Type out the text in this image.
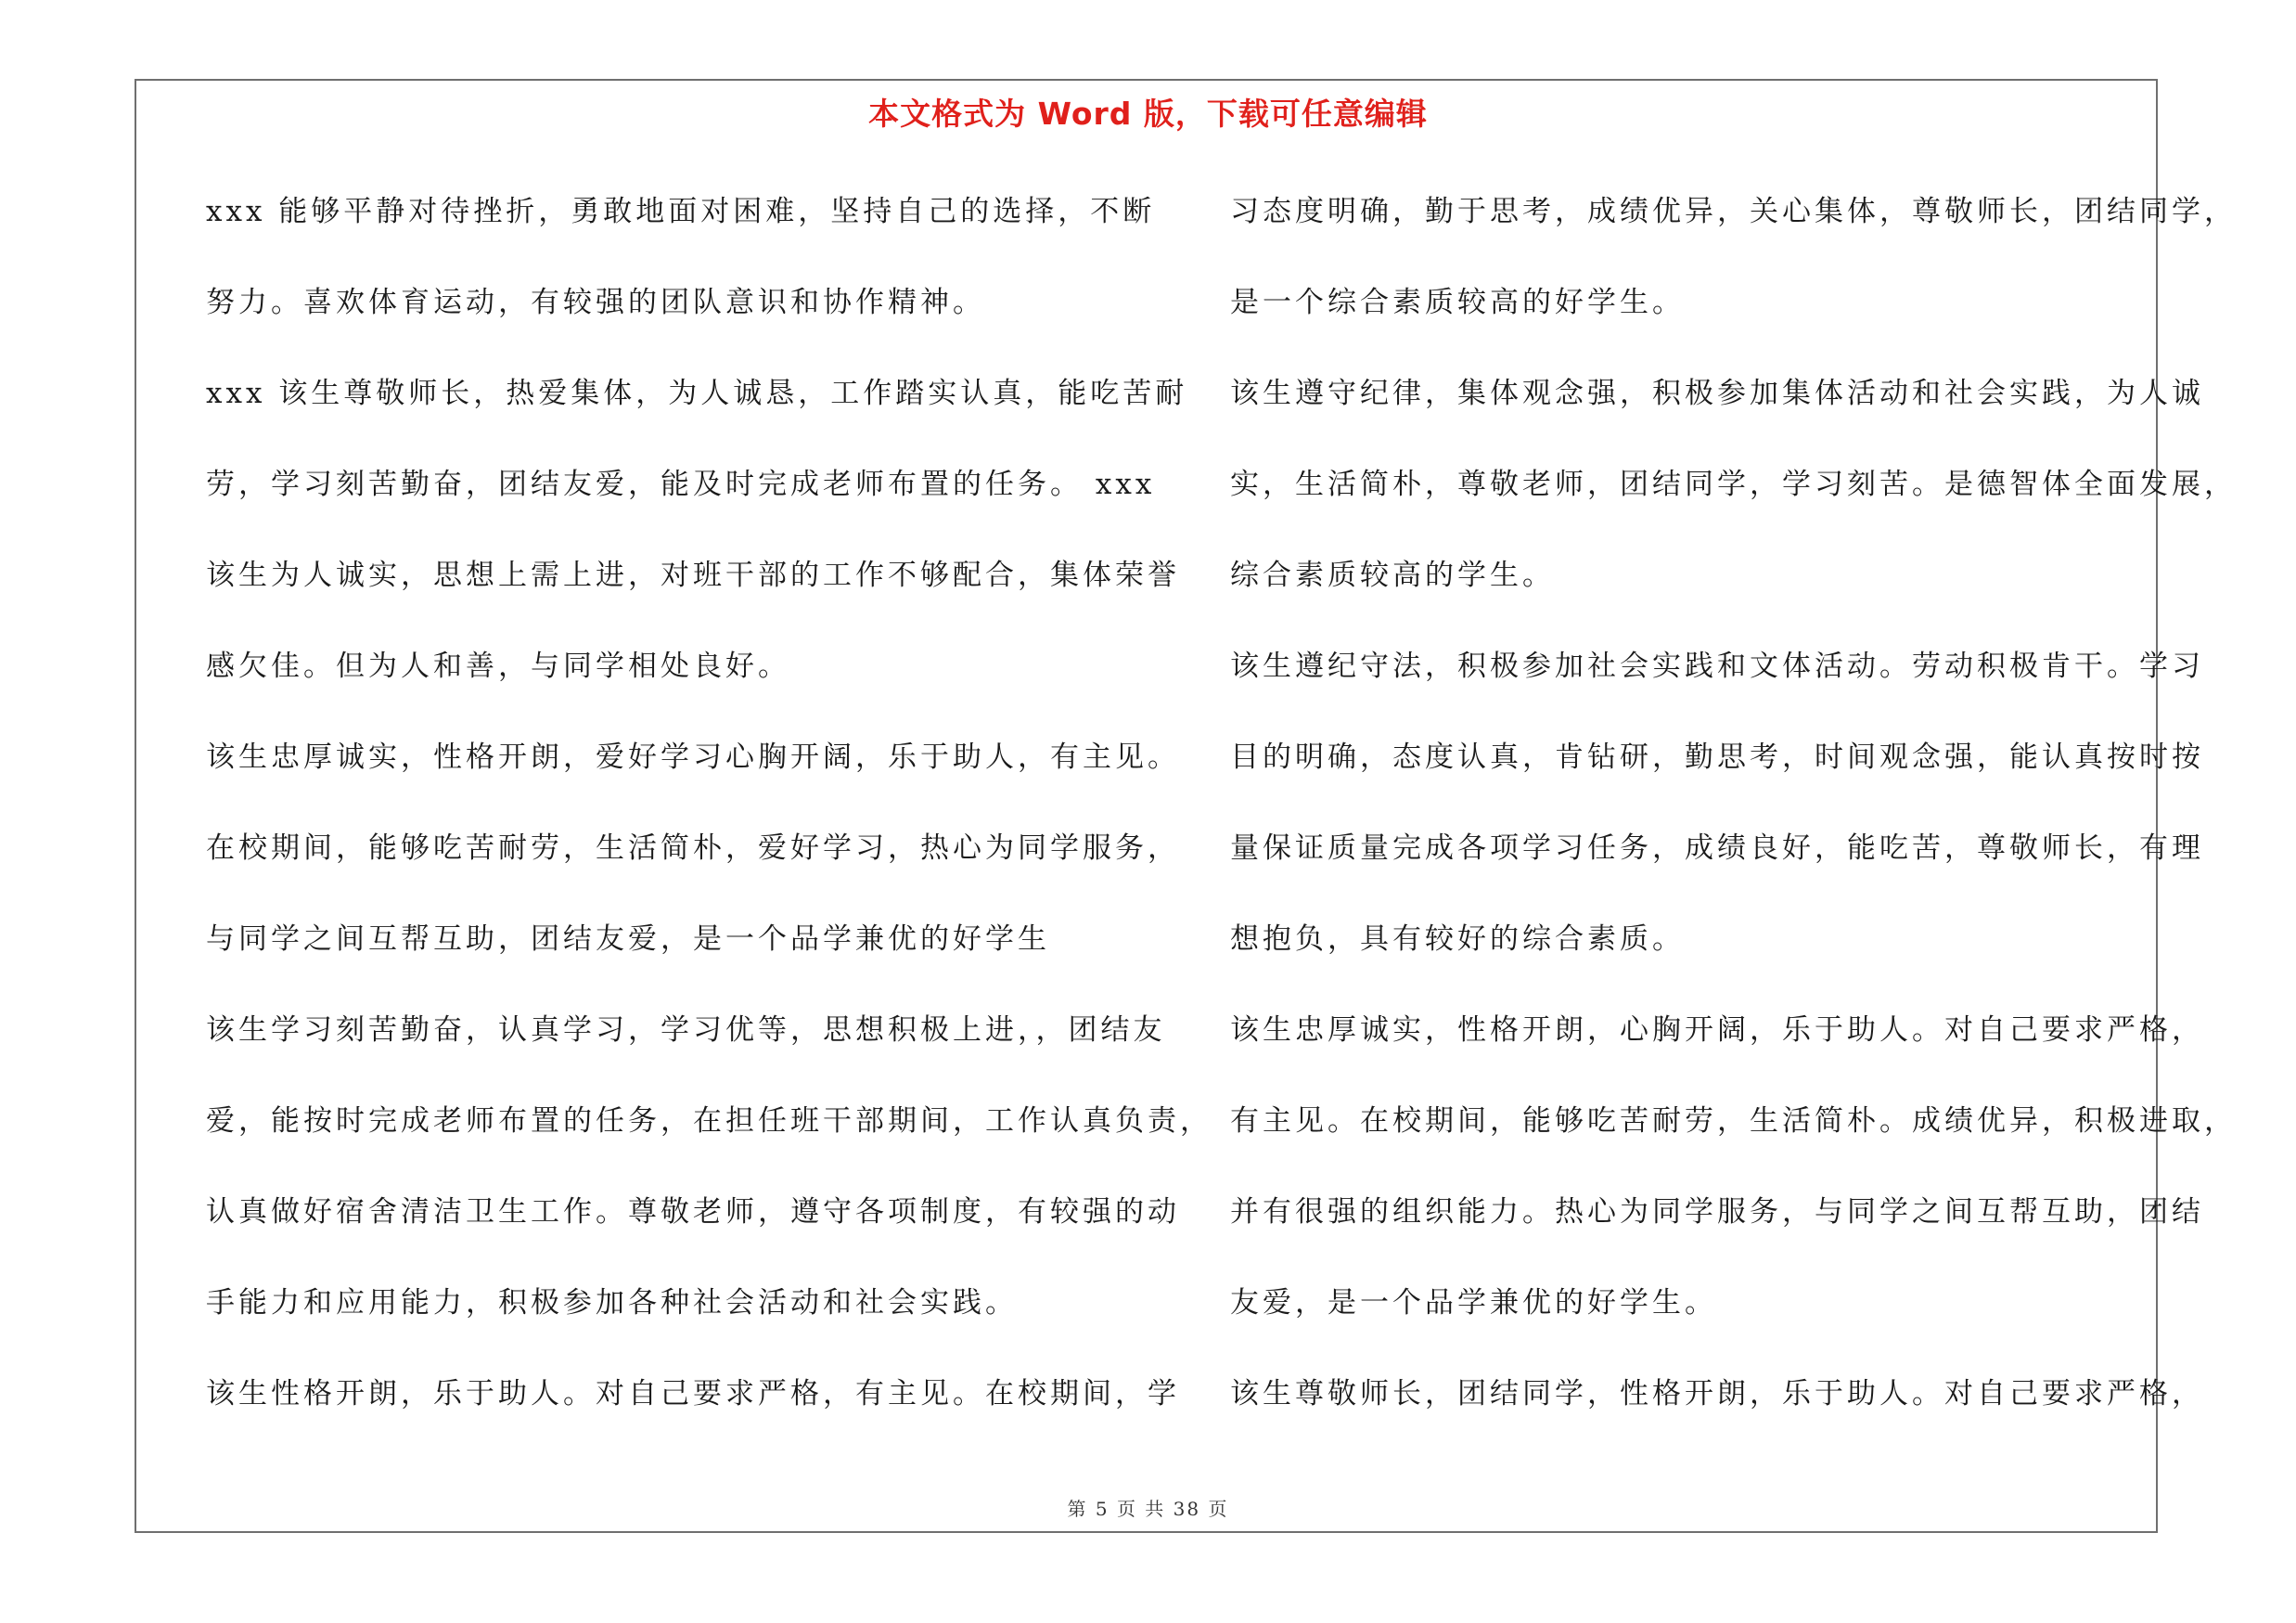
本文格式为 Word 版，下载可任意编辑
xxx 能够平静对待挫折，勇敢地面对困难，坚持自己的选择，不断
努力。喜欢体育运动，有较强的团队意识和协作精神。
xxx 该生尊敬师长，热爱集体，为人诚恳，工作踏实认真，能吃苦耐
劳，学习刻苦勤奋，团结友爱，能及时完成老师布置的任务。 xxx
该生为人诚实，思想上需上进，对班干部的工作不够配合，集体荣誉
感欠佳。但为人和善，与同学相处良好。
该生忠厚诚实，性格开朗，爱好学习心胸开阔，乐于助人，有主见。
在校期间，能够吃苦耐劳，生活简朴，爱好学习，热心为同学服务，
与同学之间互帮互助，团结友爱，是一个品学兼优的好学生
该生学习刻苦勤奋，认真学习，学习优等，思想积极上进，，团结友
爱，能按时完成老师布置的任务，在担任班干部期间，工作认真负责，
认真做好宿舍清洁卫生工作。尊敬老师，遵守各项制度，有较强的动
手能力和应用能力，积极参加各种社会活动和社会实践。
该生性格开朗，乐于助人。对自己要求严格，有主见。在校期间，学
习态度明确，勤于思考，成绩优异，关心集体，尊敬师长，团结同学，
是一个综合素质较高的好学生。
该生遵守纪律，集体观念强，积极参加集体活动和社会实践，为人诚
实，生活简朴，尊敬老师，团结同学，学习刻苦。是德智体全面发展，
综合素质较高的学生。
该生遵纪守法，积极参加社会实践和文体活动。劳动积极肯干。学习
目的明确，态度认真，肯钻研，勤思考，时间观念强，能认真按时按
量保证质量完成各项学习任务，成绩良好，能吃苦，尊敬师长，有理
想抱负，具有较好的综合素质。
该生忠厚诚实，性格开朗，心胸开阔，乐于助人。对自己要求严格，
有主见。在校期间，能够吃苦耐劳，生活简朴。成绩优异，积极进取，
并有很强的组织能力。热心为同学服务，与同学之间互帮互助，团结
友爱，是一个品学兼优的好学生。
该生尊敬师长，团结同学，性格开朗，乐于助人。对自己要求严格，
第 5 页 共 38 页
